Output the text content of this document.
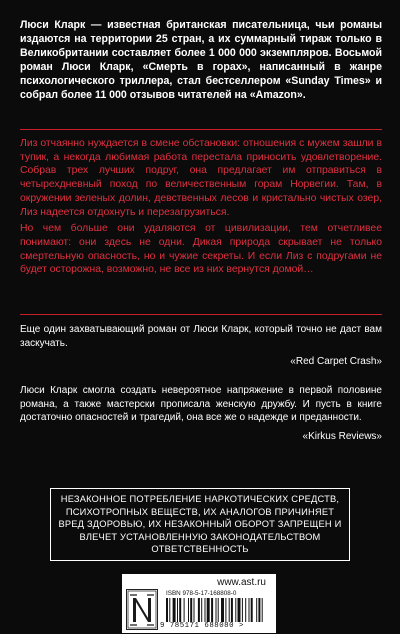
Люси Кларк — известная британская писательница, чьи романы издаются на территории 25 стран, а их суммарный тираж только в Великобритании составляет более 1 000 000 экземпляров. Восьмой роман Люси Кларк, «Смерть в горах», написанный в жанре психологического триллера, стал бестселлером «Sunday Times» и собрал более 11 000 отзывов читателей на «Amazon».

Лиз отчаянно нуждается в смене обстановки: отношения с мужем зашли в тупик, а некогда любимая работа перестала приносить удовлетворение. Собрав трех лучших подруг, она предлагает им отправиться в четырехдневный поход по величественным горам Норвегии. Там, в окружении зеленых долин, девственных лесов и кристально чистых озер, Лиз надеется отдохнуть и перезагрузиться.

Но чем больше они удаляются от цивилизации, тем отчетливее понимают: они здесь не одни. Дикая природа скрывает не только смертельную опасность, но и чужие секреты. И если Лиз с подругами не будет осторожна, возможно, не все из них вернутся домой…

Еще один захватывающий роман от Люси Кларк, который точно не даст вам заскучать.

«Red Carpet Crash»

Люси Кларк смогла создать невероятное напряжение в первой половине романа, а также мастерски прописала женскую дружбу. И пусть в книге достаточно опасностей и трагедий, она все же о надежде и преданности.

«Kirkus Reviews»

НЕЗАКОННОЕ ПОТРЕБЛЕНИЕ НАРКОТИЧЕСКИХ СРЕДСТВ, ПСИХОТРОПНЫХ ВЕЩЕСТВ, ИХ АНАЛОГОВ ПРИЧИНЯЕТ ВРЕД ЗДОРОВЬЮ, ИХ НЕЗАКОННЫЙ ОБОРОТ ЗАПРЕЩЕН И ВЛЕЧЕТ УСТАНОВЛЕННУЮ ЗАКОНОДАТЕЛЬСТВОМ ОТВЕТСТВЕННОСТЬ
www.ast.ru
ISBN 978-5-17-168808-0
9 785171 688080 >
